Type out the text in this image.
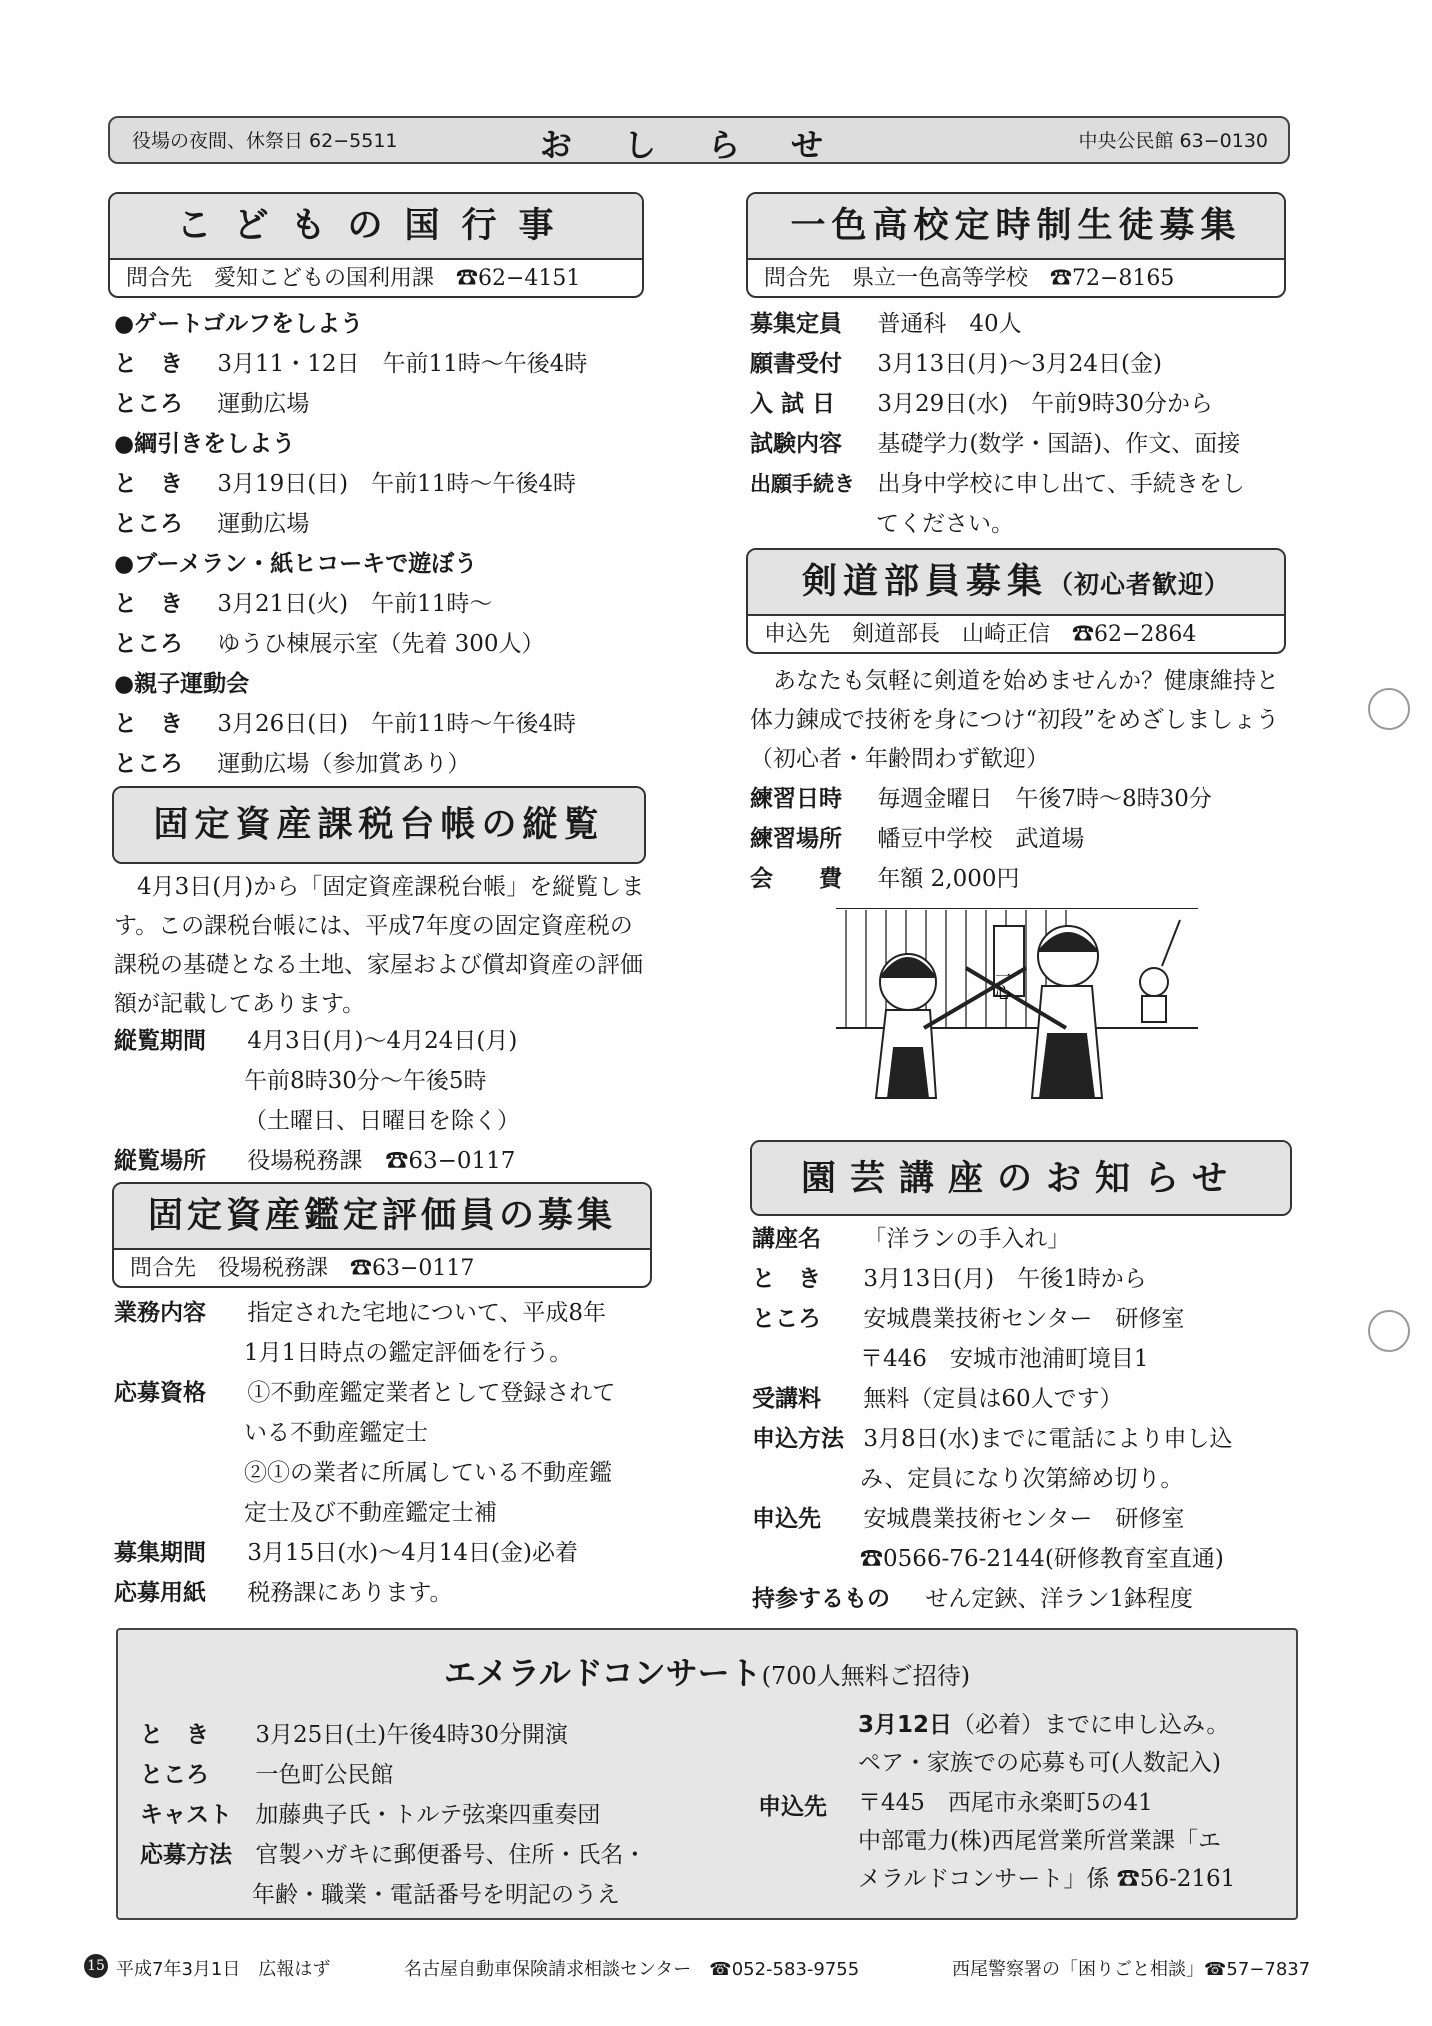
役場の夜間、休祭日 62−5511	おしらせ	中央公民館 63−0130
こどもの国行事
問合先　愛知こどもの国利用課　☎62−4151
●ゲートゴルフをしよう
と　き 3月11・12日　午前11時〜午後4時
ところ 運動広場
●綱引きをしよう
と　き 3月19日(日)　午前11時〜午後4時
ところ 運動広場
●ブーメラン・紙ヒコーキで遊ぼう
と　き 3月21日(火)　午前11時〜
ところ ゆうひ棟展示室（先着 300人）
●親子運動会
と　き 3月26日(日)　午前11時〜午後4時
ところ 運動広場（参加賞あり）
固定資産課税台帳の縦覧
　4月3日(月)から「固定資産課税台帳」を縦覧します。この課税台帳には、平成7年度の固定資産税の課税の基礎となる土地、家屋および償却資産の評価額が記載してあります。
縦覧期間 4月3日(月)〜4月24日(月)
午前8時30分〜午後5時
（土曜日、日曜日を除く）
縦覧場所 役場税務課　☎63−0117
固定資産鑑定評価員の募集
問合先　役場税務課　☎63−0117
業務内容 指定された宅地について、平成8年
1月1日時点の鑑定評価を行う。
応募資格 ①不動産鑑定業者として登録されて
いる不動産鑑定士
②①の業者に所属している不動産鑑
定士及び不動産鑑定士補
募集期間 3月15日(水)〜4月14日(金)必着
応募用紙 税務課にあります。
一色高校定時制生徒募集
問合先　県立一色高等学校　☎72−8165
募集定員 普通科　40人
願書受付 3月13日(月)〜3月24日(金)
入 試 日 3月29日(水)　午前9時30分から
試験内容 基礎学力(数学・国語)、作文、面接
出願手続き 出身中学校に申し出て、手続きをし
てください。
剣道部員募集（初心者歓迎）
申込先　剣道部長　山崎正信　☎62−2864
　あなたも気軽に剣道を始めませんか？健康維持と体力錬成で技術を身につけ“初段”をめざしましょう（初心者・年齢問わず歓迎）
練習日時 毎週金曜日　午後7時〜8時30分
練習場所 幡豆中学校　武道場
会　　費 年額 2,000円
一心
園芸講座のお知らせ
講座名 「洋ランの手入れ」
と　き 3月13日(月)　午後1時から
ところ 安城農業技術センター　研修室
〒446　安城市池浦町境目1
受講料 無料（定員は60人です）
申込方法 3月8日(水)までに電話により申し込
み、定員になり次第締め切り。
申込先 安城農業技術センター　研修室
☎0566-76-2144(研修教育室直通)
持参するもの せん定鋏、洋ラン1鉢程度
エメラルドコンサート(700人無料ご招待)
と　き 3月25日(土)午後4時30分開演
ところ 一色町公民館
キャスト 加藤典子氏・トルテ弦楽四重奏団
応募方法 官製ハガキに郵便番号、住所・氏名・
年齢・職業・電話番号を明記のうえ
3月12日（必着）までに申し込み。
ペア・家族での応募も可(人数記入)
申込先 〒445　西尾市永楽町5の41
中部電力(株)西尾営業所営業課「エ
メラルドコンサート」係 ☎56-2161
15 平成7年3月1日　広報はず	名古屋自動車保険請求相談センター　☎052-583-9755	西尾警察署の「困りごと相談」☎57−7837
